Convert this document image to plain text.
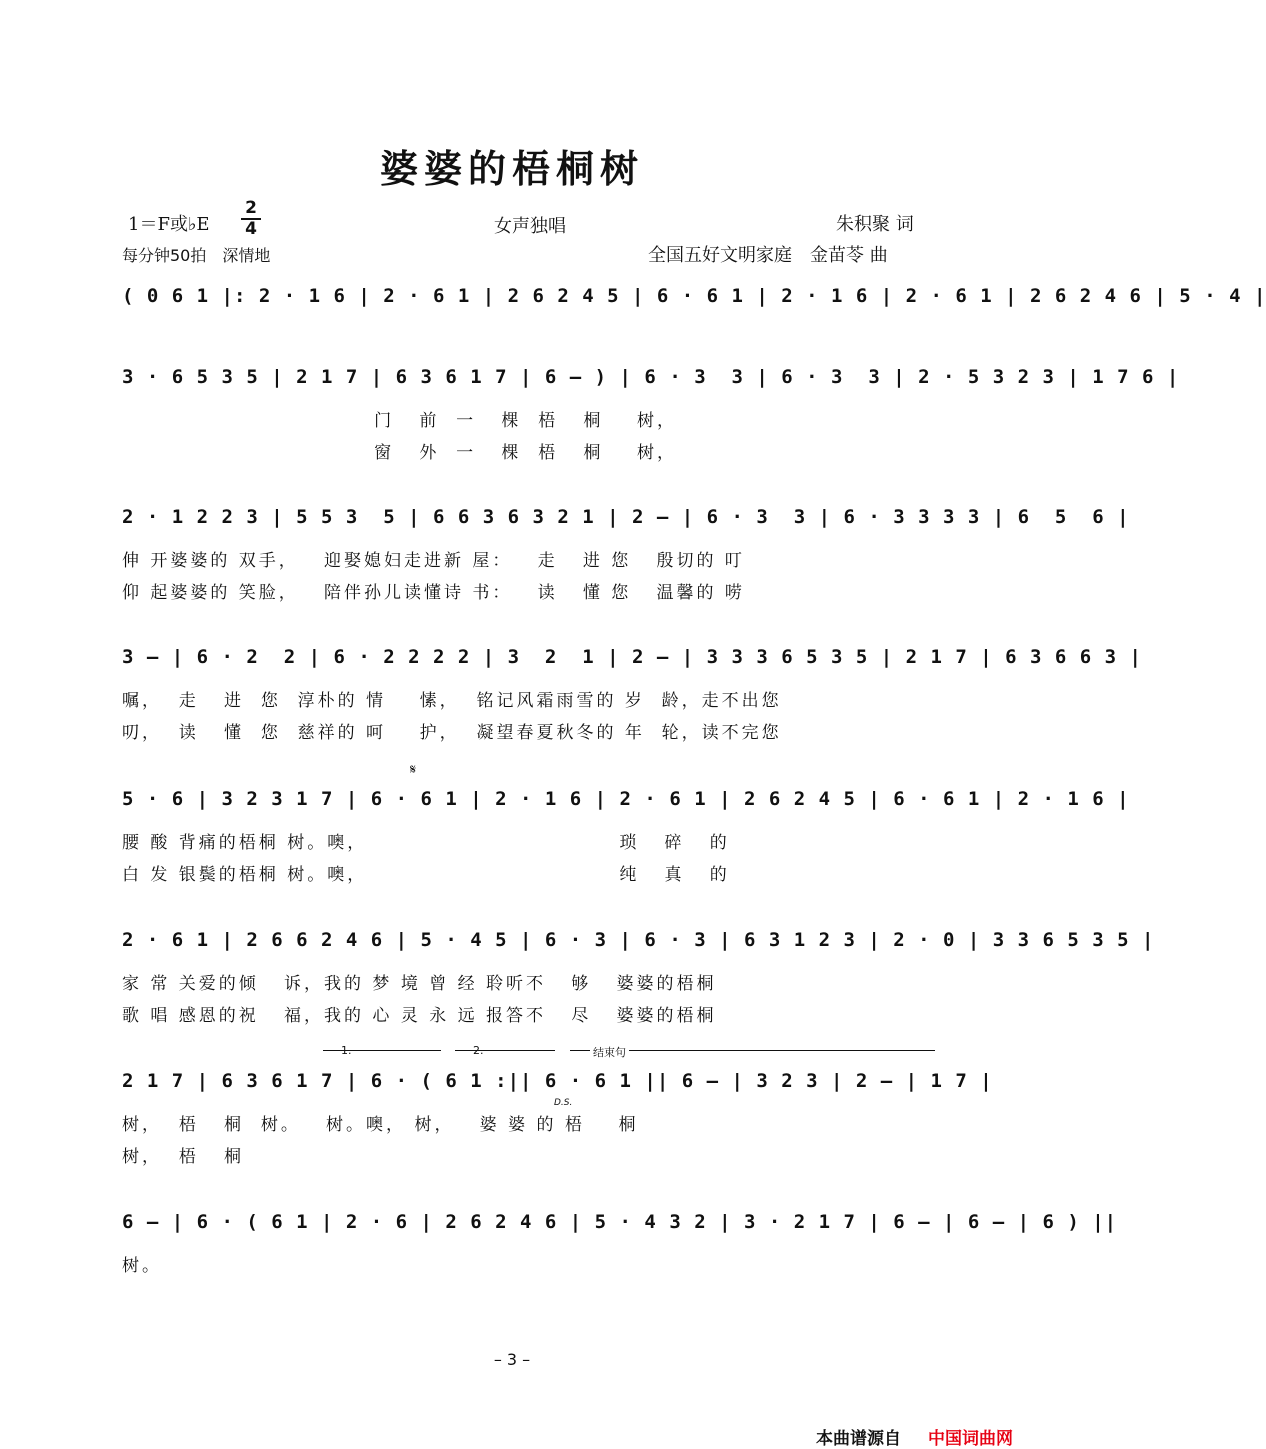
婆婆的梧桐树
1＝F或♭E
2
4	女声独唱	朱积聚 词
每分钟50拍　深情地	全国五好文明家庭　金苗苓 曲
( 0 6 1 |: 2 · 1 6 | 2 · 6 1 | 2 6 2 4 5 | 6 · 6 1 | 2 · 1 6 | 2 · 6 1 | 2 6 2 4 6 | 5 · 4 |
3 · 6 5 3 5 | 2 1 7 | 6 3 6 1 7 | 6 – ) | 6 · 3  3 | 6 · 3  3 | 2 · 5 3 2 3 | 1 7 6 |
门   前  一   棵  梧   桐    树，
窗   外  一   棵  梧   桐    树，
2 · 1 2 2 3 | 5 5 3  5 | 6 6 3 6 3 2 1 | 2 – | 6 · 3  3 | 6 · 3 3 3 3 | 6  5  6 |
伸 开婆婆的 双手，   迎娶媳妇走进新 屋：   走   进 您   殷切的 叮
仰 起婆婆的 笑脸，   陪伴孙儿读懂诗 书：   读   懂 您   温馨的 唠
3 – | 6 · 2  2 | 6 · 2 2 2 2 | 3  2  1 | 2 – | 3 3 3 6 5 3 5 | 2 1 7 | 6 3 6 6 3 |
嘱，  走   进  您  淳朴的 情    愫，  铭记风霜雨雪的 岁  龄，走不出您
叨，  读   懂  您  慈祥的 呵    护，  凝望春夏秋冬的 年  轮，读不完您
𝄋
5 · 6 | 3 2 3 1 7 | 6 · 6 1 | 2 · 1 6 | 2 · 6 1 | 2 6 2 4 5 | 6 · 6 1 | 2 · 1 6 |
腰 酸 背痛的梧桐 树。噢，                              琐   碎   的
白 发 银鬓的梧桐 树。噢，                              纯   真   的
2 · 6 1 | 2 6 6 2 4 6 | 5 · 4 5 | 6 · 3 | 6 · 3 | 6 3 1 2 3 | 2 · 0 | 3 3 6 5 3 5 |
家 常 关爱的倾   诉，我的 梦 境 曾 经 聆听不   够   婆婆的梧桐
歌 唱 感恩的祝   福，我的 心 灵 永 远 报答不   尽   婆婆的梧桐
1.	2.	结束句
2 1 7 | 6 3 6 1 7 | 6 · ( 6 1 :|| 6 · 6 1 || 6 – | 3 2 3 | 2 – | 1 7 |
D.S.
树，  梧   桐  树。   树。噢， 树，   婆 婆 的 梧    桐
树，  梧   桐
6 – | 6 · ( 6 1 | 2 · 6 | 2 6 2 4 6 | 5 · 4 3 2 | 3 · 2 1 7 | 6 – | 6 – | 6 ) ||
树。
– 3 –
本曲谱源自 中国词曲网
